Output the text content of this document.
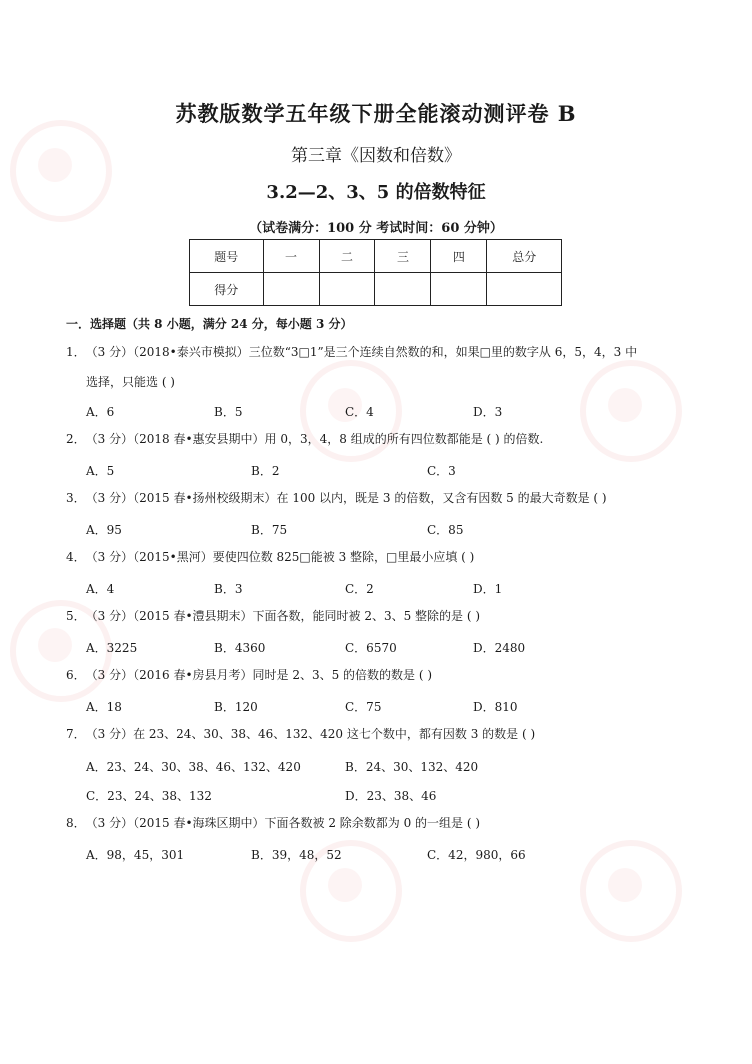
苏教版数学五年级下册全能滚动测评卷 B
第三章《因数和倍数》
3.2—2、3、5 的倍数特征
（试卷满分：100 分 考试时间：60 分钟）
题号	一	二	三	四	总分
得分					
一．选择题（共 8 小题，满分 24 分，每小题 3 分）
1．（3 分）（2018•泰兴市模拟）三位数“3□1”是三个连续自然数的和，如果□里的数字从 6，5，4，3 中
选择，只能选 ( )
A．6	B．5	C．4	D．3
2．（3 分）（2018 春•惠安县期中）用 0，3，4，8 组成的所有四位数都能是 ( ) 的倍数.
A．5	B．2	C．3
3．（3 分）（2015 春•扬州校级期末）在 100 以内，既是 3 的倍数，又含有因数 5 的最大奇数是 ( )
A．95	B．75	C．85
4．（3 分）（2015•黑河）要使四位数 825□能被 3 整除，□里最小应填 ( )
A．4	B．3	C．2	D．1
5．（3 分）（2015 春•澧县期末）下面各数，能同时被 2、3、5 整除的是 ( )
A．3225	B．4360	C．6570	D．2480
6．（3 分）（2016 春•房县月考）同时是 2、3、5 的倍数的数是 ( )
A．18	B．120	C．75	D．810
7．（3 分）在 23、24、30、38、46、132、420 这七个数中，都有因数 3 的数是 ( )
A．23、24、30、38、46、132、420	B．24、30、132、420
C．23、24、38、132	D．23、38、46
8．（3 分）（2015 春•海珠区期中）下面各数被 2 除余数都为 0 的一组是 ( )
A．98，45，301	B．39，48，52	C．42，980，66
